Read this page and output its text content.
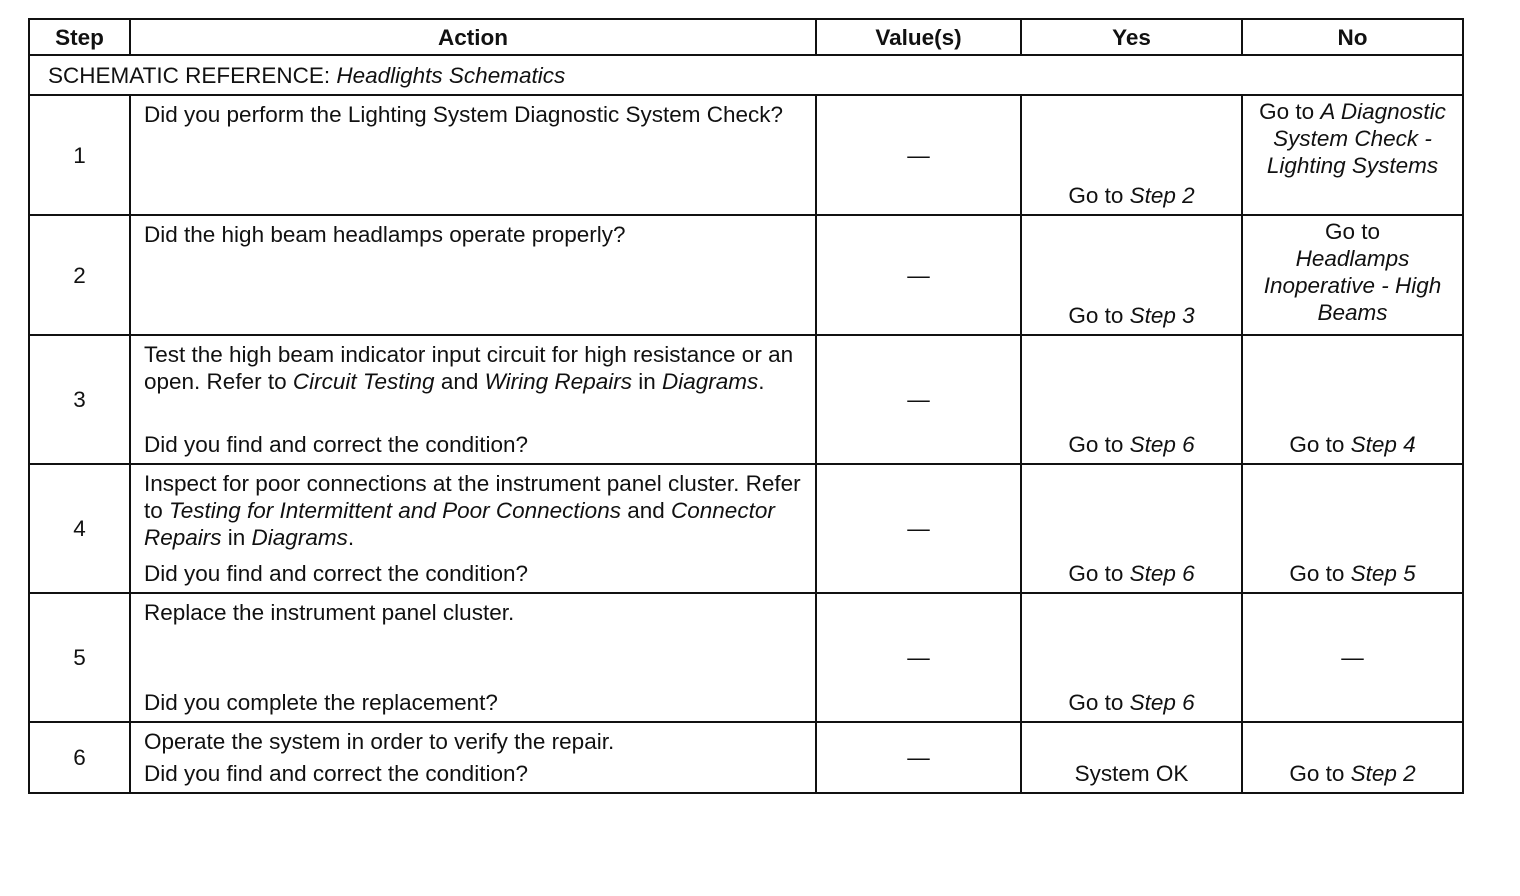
Step	Action	Value(s)	Yes	No
SCHEMATIC REFERENCE: Headlights Schematics				
1	Did you perform the Lighting System Diagnostic System Check?	—	Go to Step 2	Go to A Diagnostic System Check - Lighting Systems

2	Did the high beam headlamps operate properly?	—	Go to Step 3	Go to
Headlamps Inoperative - High Beams

3	Test the high beam indicator input circuit for high resistance or an open. Refer to Circuit Testing and Wiring Repairs in Diagrams.
Did you find and correct the condition?	—	Go to Step 6	Go to Step 4

4	Inspect for poor connections at the instrument panel cluster. Refer to Testing for Intermittent and Poor Connections and Connector Repairs in Diagrams.
Did you find and correct the condition?	—	Go to Step 6	Go to Step 5

5	Replace the instrument panel cluster.
Did you complete the replacement?	—	Go to Step 6	—
6	Operate the system in order to verify the repair.
Did you find and correct the condition?	—	System OK	Go to Step 2
